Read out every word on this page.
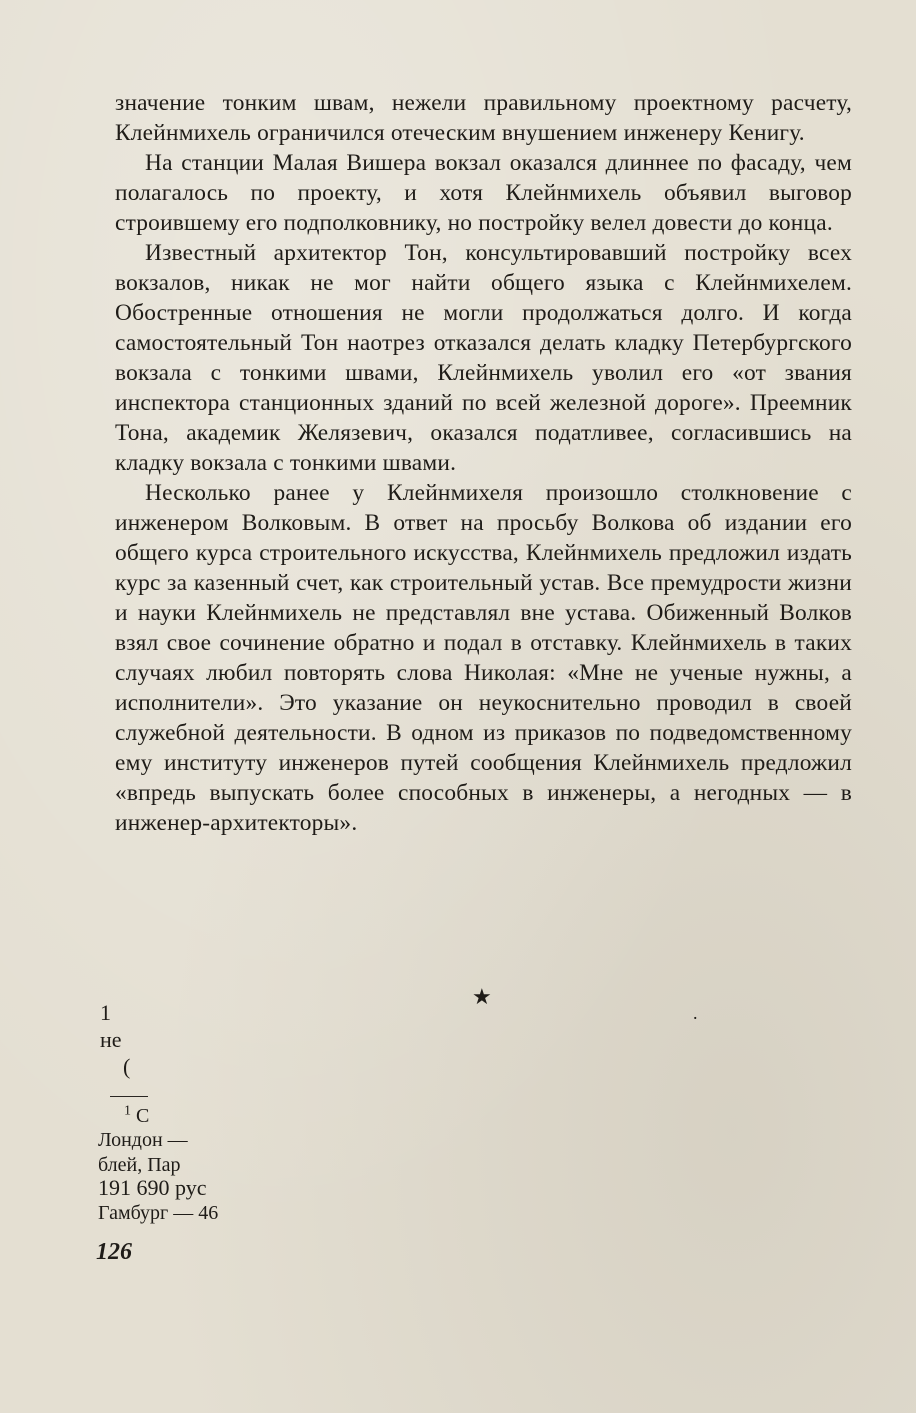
значение тонким швам, нежели правильному проектному расчету, Клейнмихель ограничился отеческим внушением инженеру Кенигу.

На станции Малая Вишера вокзал оказался длиннее по фасаду, чем полагалось по проекту, и хотя Клейнмихель объявил выговор строившему его подполковнику, но постройку велел довести до конца.

Известный архитектор Тон, консультировавший постройку всех вокзалов, никак не мог найти общего языка с Клейнмихелем. Обостренные отношения не могли продолжаться долго. И когда самостоятельный Тон наотрез отказался делать кладку Петербургского вокзала с тонкими швами, Клейнмихель уволил его «от звания инспектора станционных зданий по всей железной дороге». Преемник Тона, академик Желязевич, оказался податливее, согласившись на кладку вокзала с тонкими швами.

Несколько ранее у Клейнмихеля произошло столкновение с инженером Волковым. В ответ на просьбу Волкова об издании его общего курса строительного искусства, Клейнмихель предложил издать курс за казенный счет, как строительный устав. Все премудрости жизни и науки Клейнмихель не представлял вне устава. Обиженный Волков взял свое сочинение обратно и подал в отставку. Клейнмихель в таких случаях любил повторять слова Николая: «Мне не ученые нужны, а исполнители». Это указание он неукоснительно проводил в своей служебной деятельности. В одном из приказов по подведомственному ему институту инженеров путей сообщения Клейнмихель предложил «впредь выпускать более способных в инженеры, а негодных — в инженер-архитекторы».

★
.
1
не
(
$^1$ С
Лондон —
блей, Пар
191 690 рус
Гамбург — 46
126
